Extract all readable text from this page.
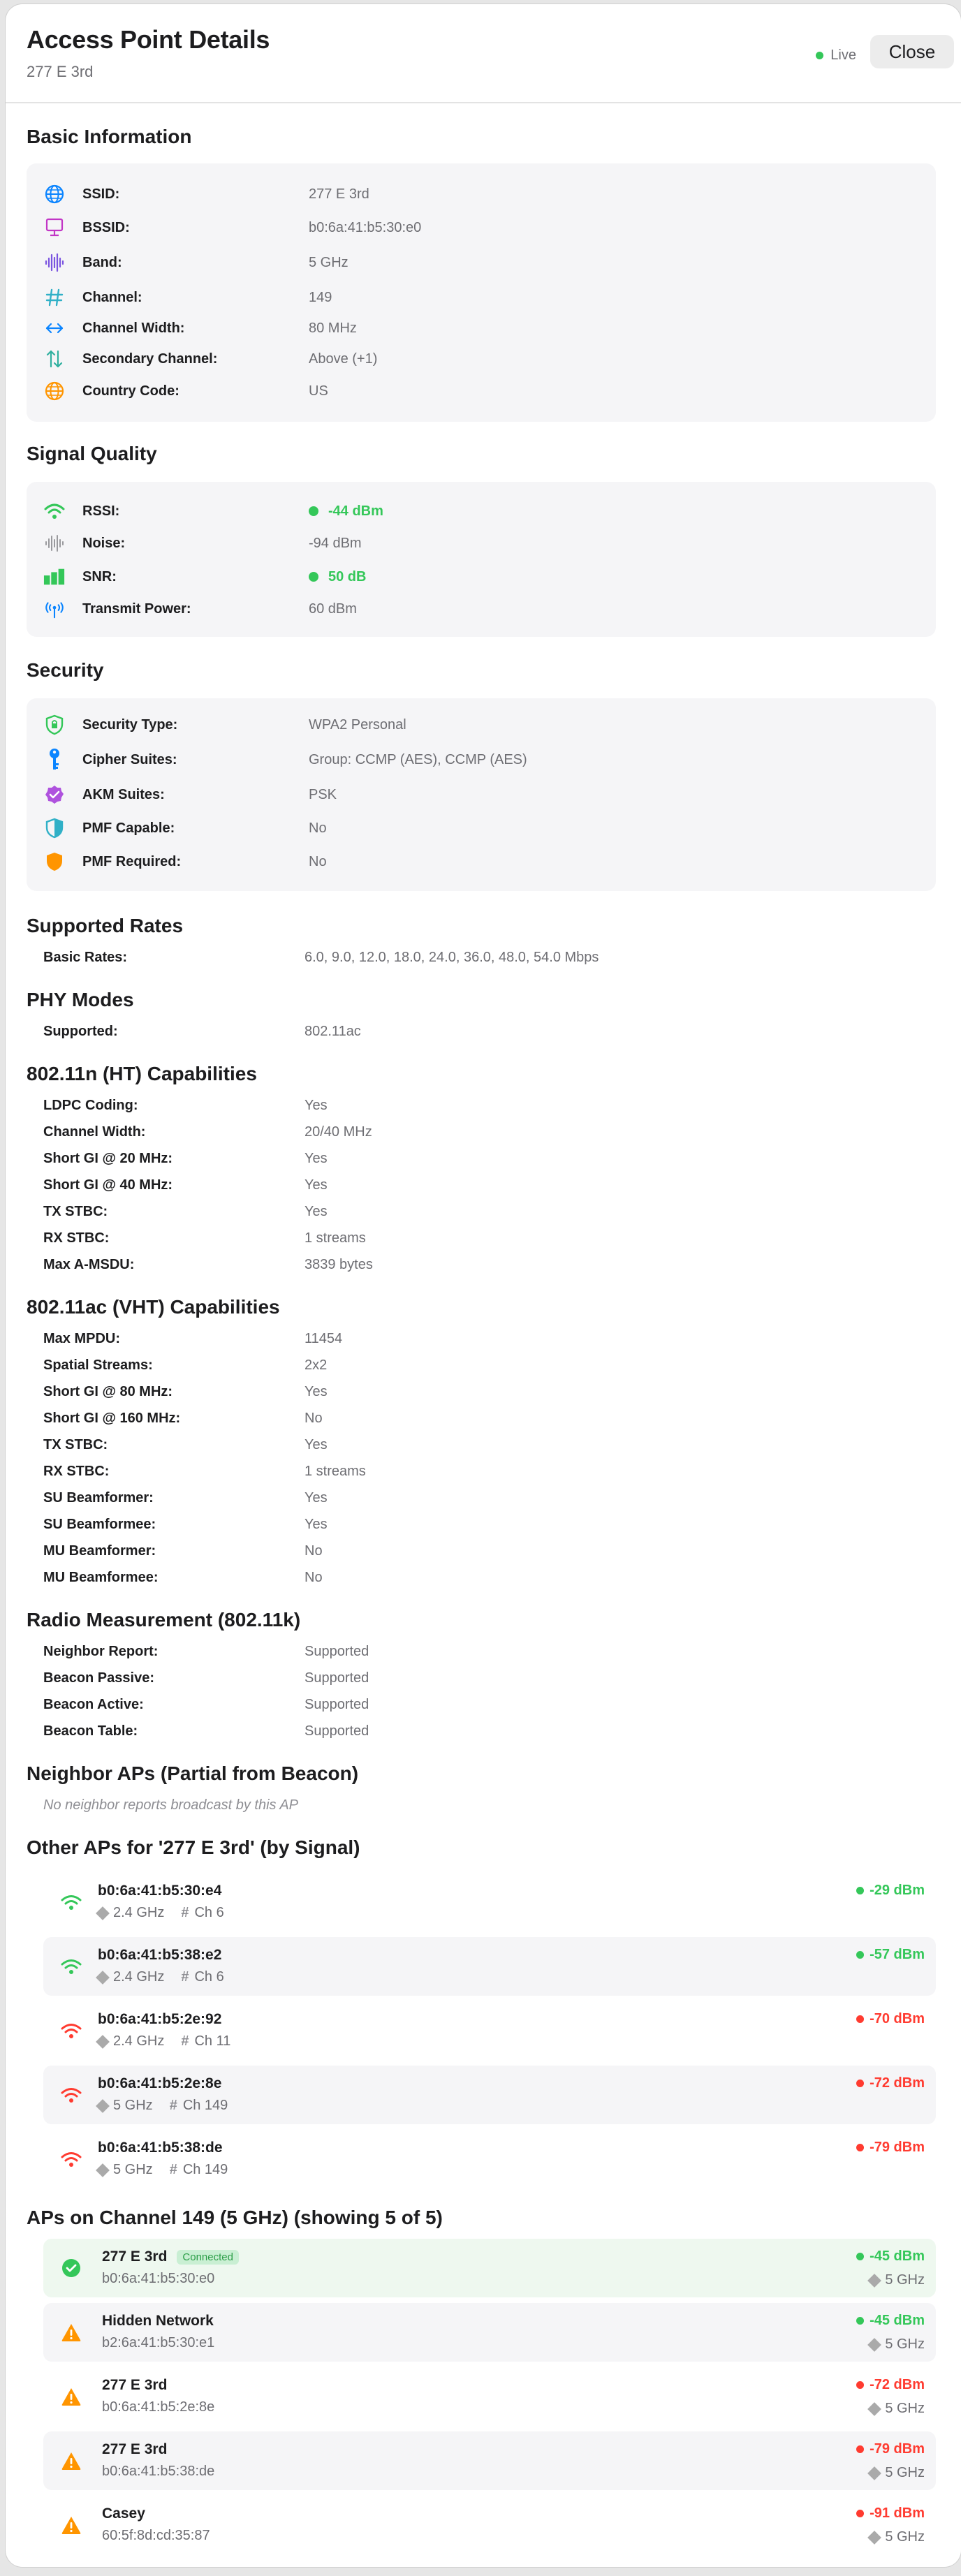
Access Point Details
277 E 3rd
Live	Close
Basic Information
SSID:	277 E 3rd
BSSID:	b0:6a:41:b5:30:e0
Band:	5 GHz
Channel:	149
Channel Width:	80 MHz
Secondary Channel:	Above (+1)
Country Code:	US
Signal Quality
RSSI:	-44 dBm
Noise:	-94 dBm
SNR:	50 dB
Transmit Power:	60 dBm
Security
Security Type:	WPA2 Personal
Cipher Suites:	Group: CCMP (AES), CCMP (AES)
AKM Suites:	PSK
PMF Capable:	No
PMF Required:	No
Supported Rates
Basic Rates:	6.0, 9.0, 12.0, 18.0, 24.0, 36.0, 48.0, 54.0 Mbps
PHY Modes
Supported:	802.11ac
802.11n (HT) Capabilities
LDPC Coding:	Yes
Channel Width:	20/40 MHz
Short GI @ 20 MHz:	Yes
Short GI @ 40 MHz:	Yes
TX STBC:	Yes
RX STBC:	1 streams
Max A-MSDU:	3839 bytes
802.11ac (VHT) Capabilities
Max MPDU:	11454
Spatial Streams:	2x2
Short GI @ 80 MHz:	Yes
Short GI @ 160 MHz:	No
TX STBC:	Yes
RX STBC:	1 streams
SU Beamformer:	Yes
SU Beamformee:	Yes
MU Beamformer:	No
MU Beamformee:	No
Radio Measurement (802.11k)
Neighbor Report:	Supported
Beacon Passive:	Supported
Beacon Active:	Supported
Beacon Table:	Supported
Neighbor APs (Partial from Beacon)
No neighbor reports broadcast by this AP
Other APs for '277 E 3rd' (by Signal)
b0:6a:41:b5:30:e4
2.4 GHz # Ch 6
-29 dBm
b0:6a:41:b5:38:e2
2.4 GHz # Ch 6
-57 dBm
b0:6a:41:b5:2e:92
2.4 GHz # Ch 11
-70 dBm
b0:6a:41:b5:2e:8e
5 GHz # Ch 149
-72 dBm
b0:6a:41:b5:38:de
5 GHz # Ch 149
-79 dBm
APs on Channel 149 (5 GHz) (showing 5 of 5)
277 E 3rd	Connected
b0:6a:41:b5:30:e0
-45 dBm
5 GHz
Hidden Network
b2:6a:41:b5:30:e1
-45 dBm
5 GHz
277 E 3rd
b0:6a:41:b5:2e:8e
-72 dBm
5 GHz
277 E 3rd
b0:6a:41:b5:38:de
-79 dBm
5 GHz
Casey
60:5f:8d:cd:35:87
-91 dBm
5 GHz
